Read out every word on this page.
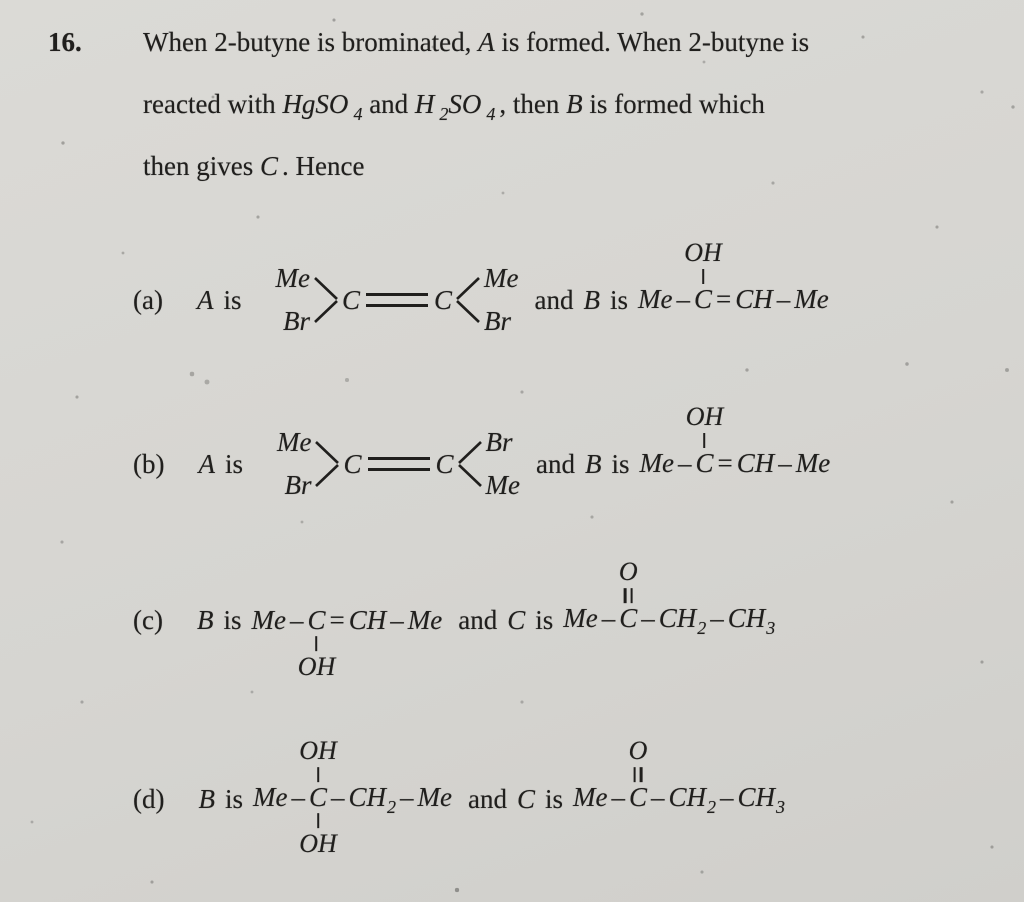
16. When 2-butyne is brominated, A is formed. When 2-butyne is
reacted with HgSO $_4$ and H $_2$SO $_4$ , then B is formed which
then gives C . Hence
(a) A is
Me
Br
C	C
Me
Br
and B is Me – C
OH
= CH – Me
(b) A is
Me
Br
C	C
Br
Me
and B is Me – C
OH
= CH – Me
(c) B is Me – C
OH
= CH – Me and C is Me – C
O
– $CH_2 - CH_3$
(d) B is Me – C
OH
OH
– $CH_2$ – Me and C is Me – C
O
– $CH_2 - CH_3$
